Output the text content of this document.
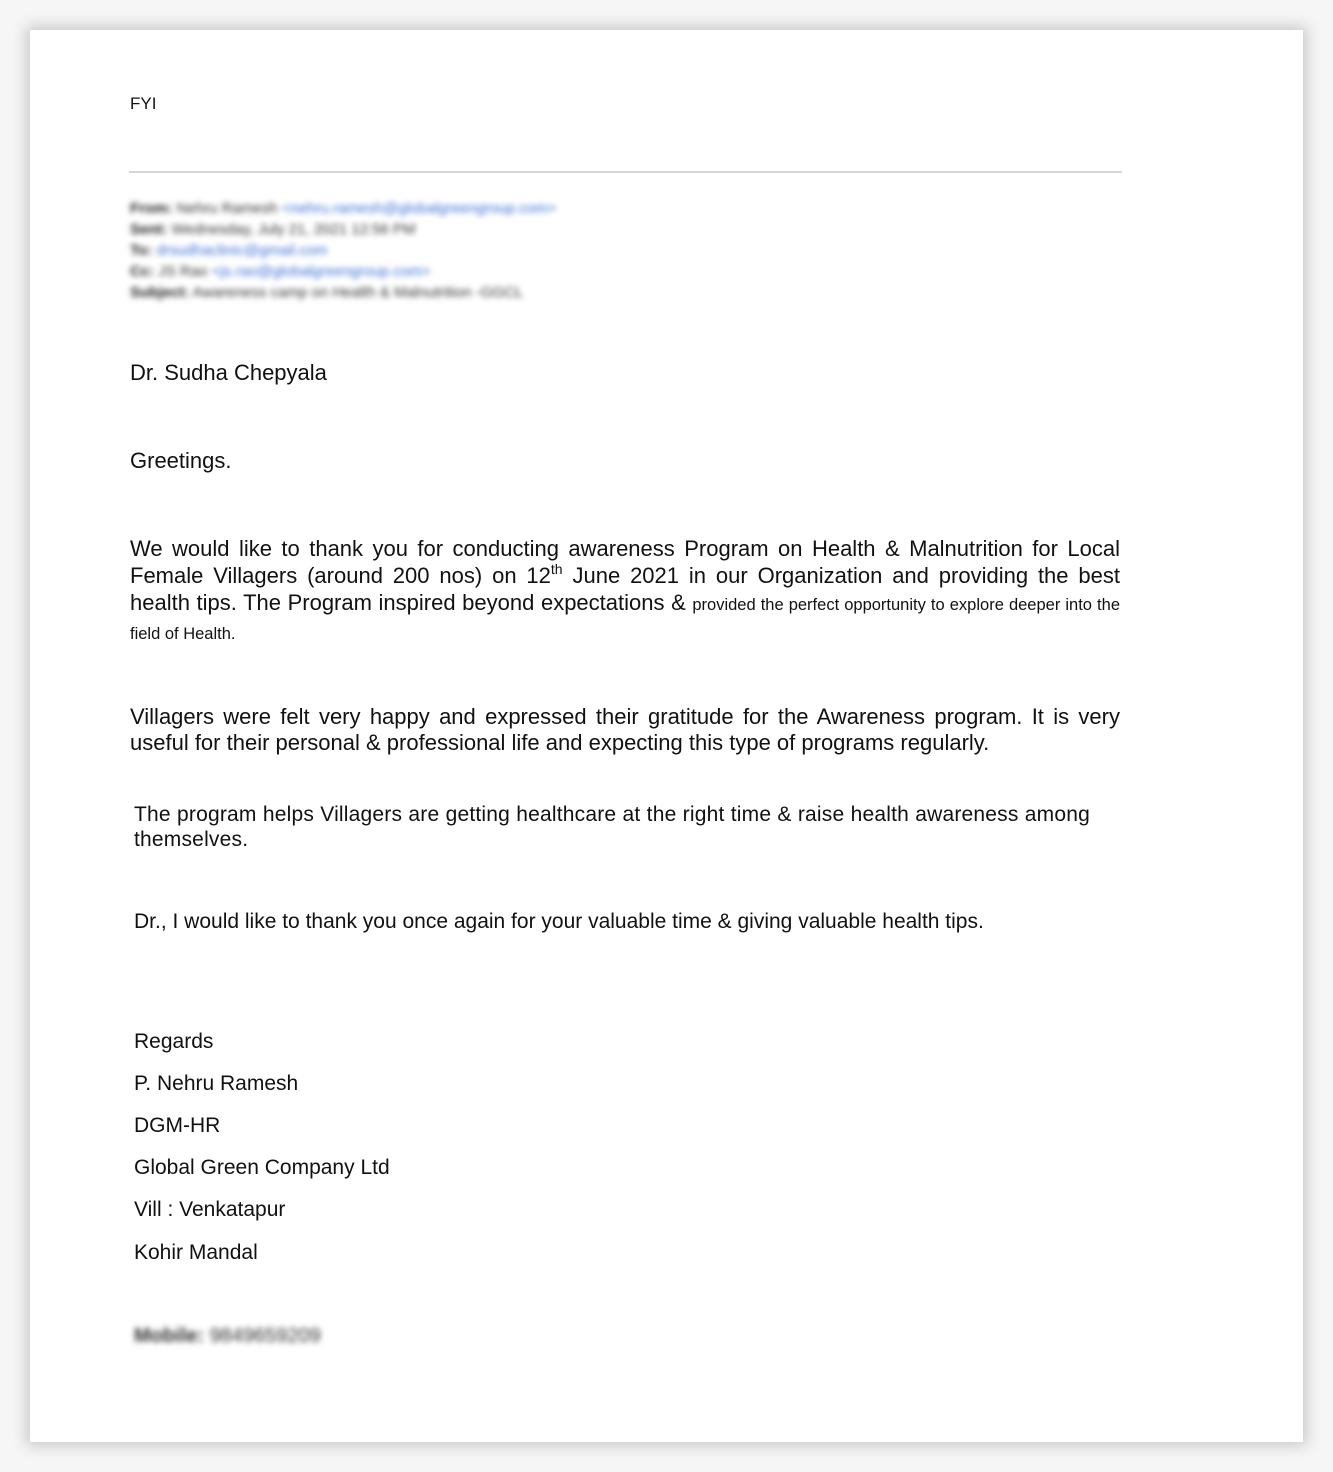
FYI
From: Nehru Ramesh <nehru.ramesh@globalgreengroup.com>
Sent: Wednesday, July 21, 2021 12:56 PM
To: drsudhaclinic@gmail.com
Cc: JS Rao <js.rao@globalgreengroup.com>
Subject: Awareness camp on Health & Malnutrition -GGCL
Dr. Sudha Chepyala
Greetings.
We would like to thank you for conducting awareness Program on Health & Malnutrition for Local Female Villagers (around 200 nos) on 12th June 2021 in our Organization and providing the best health tips. The Program inspired beyond expectations & provided the perfect opportunity to explore deeper into the field of Health.
Villagers were felt very happy and expressed their gratitude for the Awareness program. It is very useful for their personal & professional life and expecting this type of programs regularly.
The program helps Villagers are getting healthcare at the right time & raise health awareness among themselves.
Dr., I would like to thank you once again for your valuable time & giving valuable health tips.
Regards
P. Nehru Ramesh
DGM-HR
Global Green Company Ltd
Vill : Venkatapur
Kohir Mandal
Mobile: 9849659209
